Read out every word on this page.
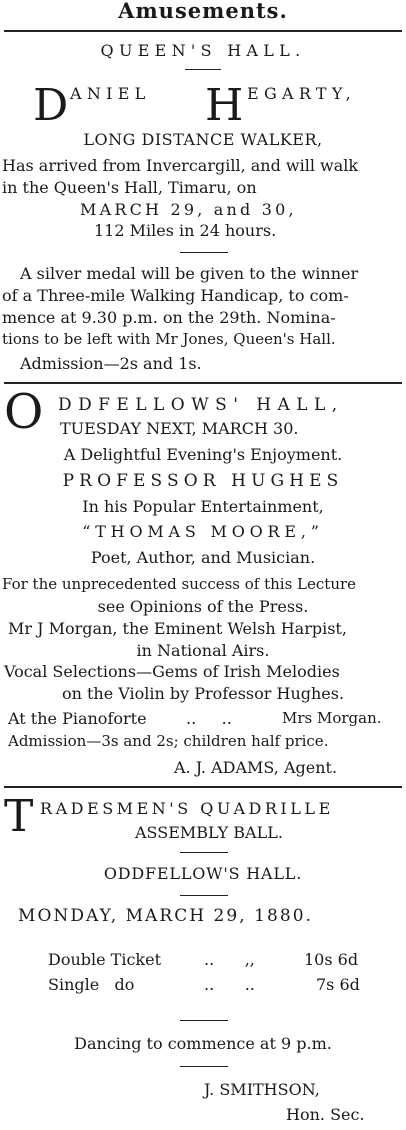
Amusements.
QUEEN'S HALL.
D ANIEL H EGARTY,
LONG DISTANCE WALKER,
Has arrived from Invercargill, and will walk
in the Queen's Hall, Timaru, on
MARCH 29, and 30,
112 Miles in 24 hours.
A silver medal will be given to the winner
of a Three-mile Walking Handicap, to com-
mence at 9.30 p.m. on the 29th. Nomina-
tions to be left with Mr Jones, Queen's Hall.
Admission—2s and 1s.
O DDFELLOWS' HALL,
TUESDAY NEXT, MARCH 30.
A Delightful Evening's Enjoyment.
PROFESSOR HUGHES
In his Popular Entertainment,
“THOMAS MOORE,”
Poet, Author, and Musician.
For the unprecedented success of this Lecture
see Opinions of the Press.
Mr J Morgan, the Eminent Welsh Harpist,
in National Airs.
Vocal Selections—Gems of Irish Melodies
on the Violin by Professor Hughes.
At the Pianoforte ..     ..	Mrs Morgan.
Admission—3s and 2s; children half price.
A. J. ADAMS, Agent.
T RADESMEN'S QUADRILLE
ASSEMBLY BALL.
ODDFELLOW'S HALL.
MONDAY, MARCH 29, 1880.
Double Ticket	..      ,,	10s 6d
Single   do	..      ..	7s 6d
Dancing to commence at 9 p.m.
J. SMITHSON,
Hon. Sec.
